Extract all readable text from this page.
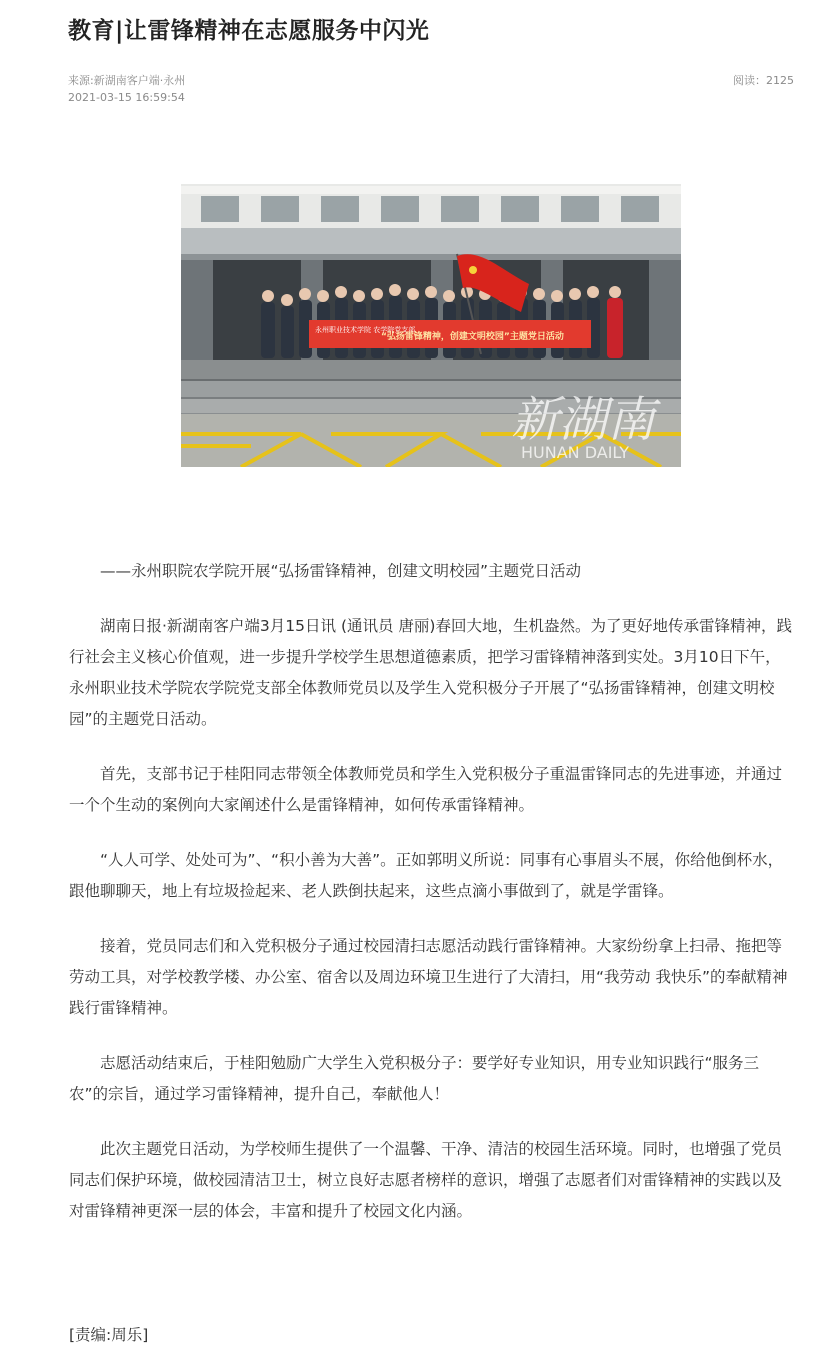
教育|让雷锋精神在志愿服务中闪光
来源:新湖南客户端·永州
2021-03-15 16:59:54
阅读：2125
永州职业技术学院 农学院党支部
“弘扬雷锋精神，创建文明校园”主题党日活动
新湖南
HUNAN DAILY

——永州职院农学院开展“弘扬雷锋精神，创建文明校园”主题党日活动

湖南日报·新湖南客户端3月15日讯 (通讯员 唐丽)春回大地，生机盎然。为了更好地传承雷锋精神，践行社会主义核心价值观，进一步提升学校学生思想道德素质，把学习雷锋精神落到实处。3月10日下午，永州职业技术学院农学院党支部全体教师党员以及学生入党积极分子开展了“弘扬雷锋精神，创建文明校园”的主题党日活动。

首先，支部书记于桂阳同志带领全体教师党员和学生入党积极分子重温雷锋同志的先进事迹，并通过一个个生动的案例向大家阐述什么是雷锋精神，如何传承雷锋精神。

“人人可学、处处可为”、“积小善为大善”。正如郭明义所说：同事有心事眉头不展，你给他倒杯水，跟他聊聊天，地上有垃圾捡起来、老人跌倒扶起来，这些点滴小事做到了，就是学雷锋。

接着，党员同志们和入党积极分子通过校园清扫志愿活动践行雷锋精神。大家纷纷拿上扫帚、拖把等劳动工具，对学校教学楼、办公室、宿舍以及周边环境卫生进行了大清扫，用“我劳动 我快乐”的奉献精神践行雷锋精神。

志愿活动结束后，于桂阳勉励广大学生入党积极分子：要学好专业知识，用专业知识践行“服务三农”的宗旨，通过学习雷锋精神，提升自己，奉献他人！

此次主题党日活动，为学校师生提供了一个温馨、干净、清洁的校园生活环境。同时，也增强了党员同志们保护环境，做校园清洁卫士，树立良好志愿者榜样的意识，增强了志愿者们对雷锋精神的实践以及对雷锋精神更深一层的体会，丰富和提升了校园文化内涵。

[责编:周乐]
